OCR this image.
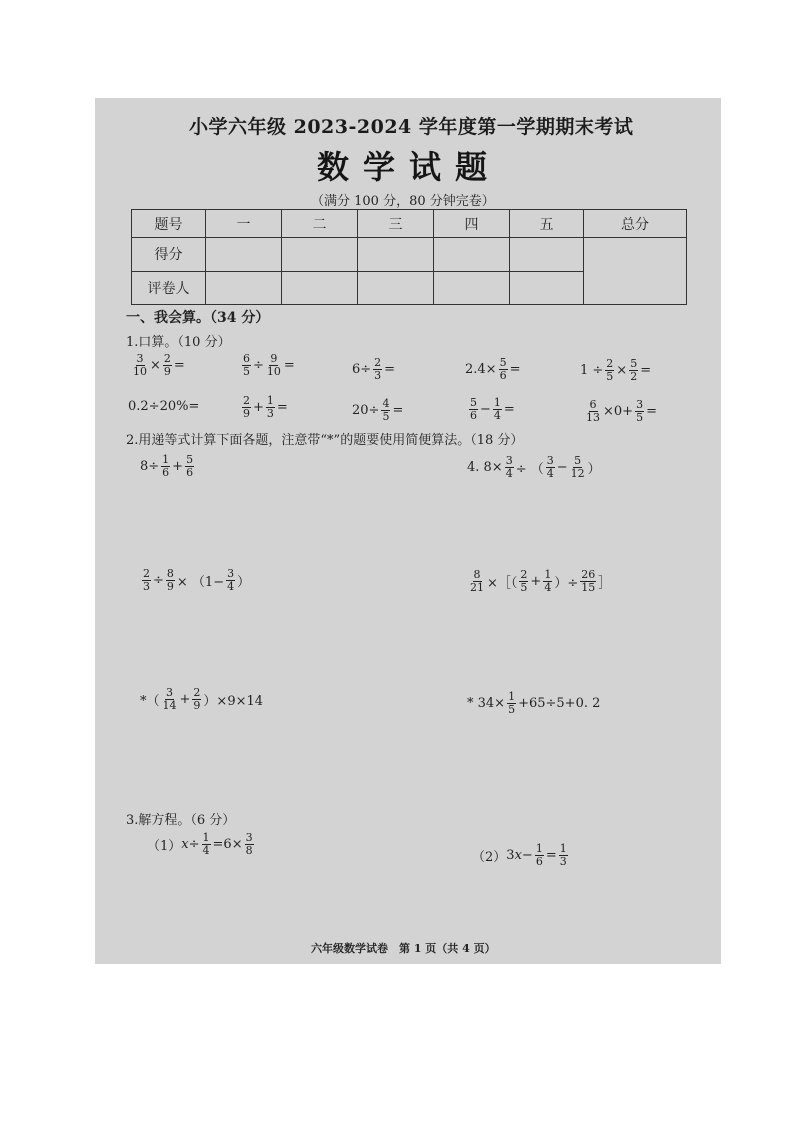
小学六年级 2023-2024 学年度第一学期期末考试
数学试题
（满分 100 分，80 分钟完卷）
题号	一	二	三	四	五	总分
得分						
评卷人						
一、我会算。（34 分）
1.口算。（10 分）
$\frac{3}{10} \times \frac{2}{9}$ =	$\frac{6}{5} \div \frac{9}{10}$ =	$6\div \frac{2}{3}$ =	$2.4\times \frac{5}{6}$ =	$1 \div \frac{2}{5} \times \frac{5}{2}$ =
0.2÷20%=	$\frac{2}{9} + \frac{1}{3}$ =	$20\div \frac{4}{5}$ =	$\frac{5}{6} - \frac{1}{4}$ =	$\frac{6}{13} \times 0+ \frac{3}{5}$ =
2.用递等式计算下面各题，注意带“*”的题要使用简便算法。（18 分）
$8\div \frac{1}{6} + \frac{5}{6}$	4. $8\times \frac{3}{4}$ ÷ （ $\frac{3}{4} - \frac{5}{12}$ ）
$\frac{2}{3} \div \frac{8}{9} \times (1- \frac{3}{4}$ ）	$\frac{8}{21}$ ×［（ $\frac{2}{5} + \frac{1}{4}$ ）÷ $\frac{26}{15}$ ］
*（ $\frac{3}{14} + \frac{2}{9} )\times 9\times 14$	* $34\times \frac{1}{5} +65\div 5+0$. 2
3.解方程。（6 分）
（1） $x\div \frac{1}{4} =6\times \frac{3}{8}$
（2） $3x- \frac{1}{6} = \frac{1}{3}$
六年级数学试卷　第 1 页（共 4 页）
